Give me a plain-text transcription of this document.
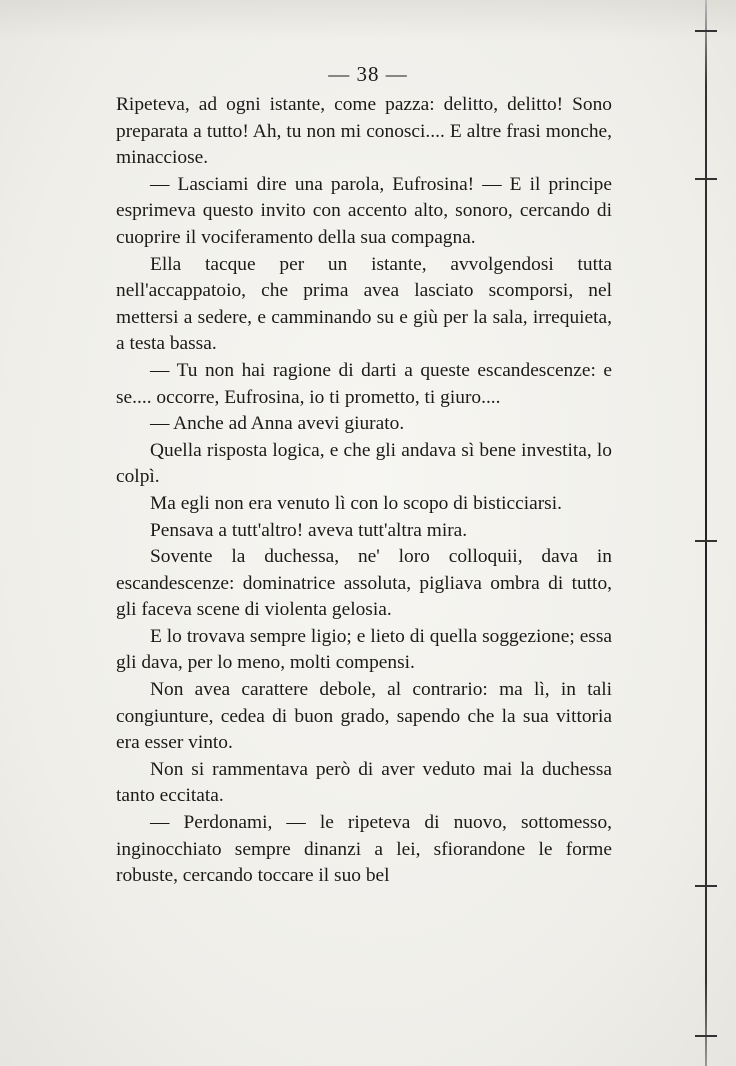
— 38 —

Ripeteva, ad ogni istante, come pazza: delitto, delitto! Sono preparata a tutto! Ah, tu non mi conosci.... E altre frasi monche, minacciose.

— Lasciami dire una parola, Eufrosina! — E il principe esprimeva questo invito con accento alto, sonoro, cercando di cuoprire il vociferamento della sua compagna.

Ella tacque per un istante, avvolgendosi tutta nell'accappatoio, che prima avea lasciato scomporsi, nel mettersi a sedere, e camminando su e giù per la sala, irrequieta, a testa bassa.

— Tu non hai ragione di darti a queste escandescenze: e se.... occorre, Eufrosina, io ti prometto, ti giuro....

— Anche ad Anna avevi giurato.

Quella risposta logica, e che gli andava sì bene investita, lo colpì.

Ma egli non era venuto lì con lo scopo di bisticciarsi.

Pensava a tutt'altro! aveva tutt'altra mira.

Sovente la duchessa, ne' loro colloquii, dava in escandescenze: dominatrice assoluta, pigliava ombra di tutto, gli faceva scene di violenta gelosia.

E lo trovava sempre ligio; e lieto di quella soggezione; essa gli dava, per lo meno, molti compensi.

Non avea carattere debole, al contrario: ma lì, in tali congiunture, cedea di buon grado, sapendo che la sua vittoria era esser vinto.

Non si rammentava però di aver veduto mai la duchessa tanto eccitata.

— Perdonami, — le ripeteva di nuovo, sottomesso, inginocchiato sempre dinanzi a lei, sfiorandone le forme robuste, cercando toccare il suo bel
